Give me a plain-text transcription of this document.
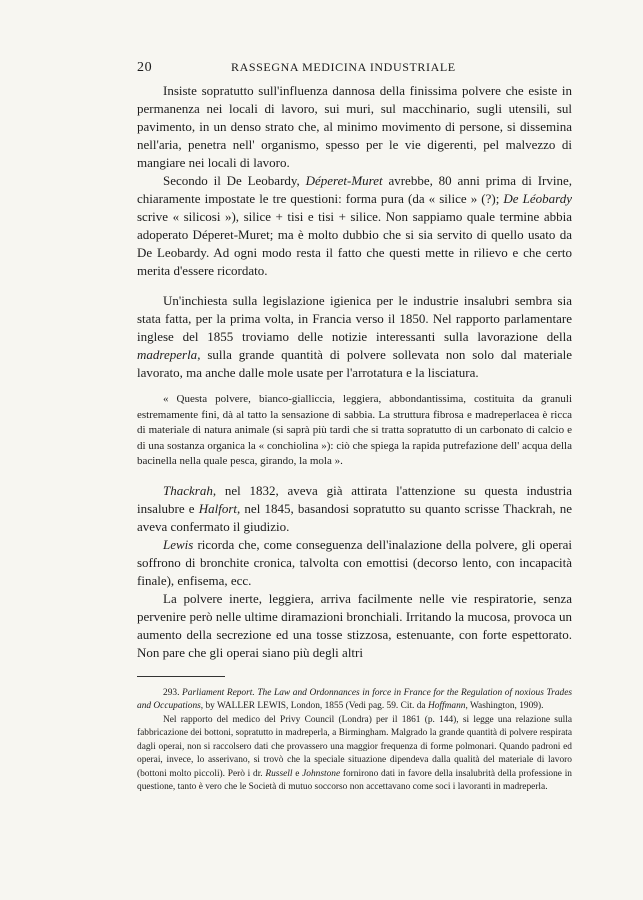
20	RASSEGNA MEDICINA INDUSTRIALE

Insiste sopratutto sull'influenza dannosa della finissima polvere che esiste in permanenza nei locali di lavoro, sui muri, sul macchinario, sugli utensili, sul pavimento, in un denso strato che, al minimo movimento di persone, si dissemina nell'aria, penetra nell' organismo, spesso per le vie digerenti, pel malvezzo di mangiare nei locali di lavoro.

Secondo il De Leobardy, Déperet-Muret avrebbe, 80 anni prima di Irvine, chiaramente impostate le tre questioni: forma pura (da « silice » (?); De Léobardy scrive « silicosi »), silice + tisi e tisi + silice. Non sappiamo quale termine abbia adoperato Déperet-Muret; ma è molto dubbio che si sia servito di quello usato da De Leobardy. Ad ogni modo resta il fatto che questi mette in rilievo e che certo merita d'essere ricordato.

Un'inchiesta sulla legislazione igienica per le industrie insalubri sembra sia stata fatta, per la prima volta, in Francia verso il 1850. Nel rapporto parlamentare inglese del 1855 troviamo delle notizie interessanti sulla lavorazione della madreperla, sulla grande quantità di polvere sollevata non solo dal materiale lavorato, ma anche dalle mole usate per l'arrotatura e la lisciatura.

« Questa polvere, bianco-gialliccia, leggiera, abbondantissima, costituita da granuli estremamente fini, dà al tatto la sensazione di sabbia. La struttura fibrosa e madreperlacea è ricca di materiale di natura animale (si saprà più tardi che si tratta sopratutto di un carbonato di calcio e di una sostanza organica la « conchiolina »): ciò che spiega la rapida putrefazione dell' acqua della bacinella nella quale pesca, girando, la mola ».

Thackrah, nel 1832, aveva già attirata l'attenzione su questa industria insalubre e Halfort, nel 1845, basandosi sopratutto su quanto scrisse Thackrah, ne aveva confermato il giudizio.

Lewis ricorda che, come conseguenza dell'inalazione della polvere, gli operai soffrono di bronchite cronica, talvolta con emottisi (decorso lento, con incapacità finale), enfisema, ecc.

La polvere inerte, leggiera, arriva facilmente nelle vie respiratorie, senza pervenire però nelle ultime diramazioni bronchiali. Irritando la mucosa, provoca un aumento della secrezione ed una tosse stizzosa, estenuante, con forte espettorato. Non pare che gli operai siano più degli altri

293. Parliament Report. The Law and Ordonnances in force in France for the Regulation of noxious Trades and Occupations, by WALLER LEWIS, London, 1855 (Vedi pag. 59. Cit. da Hoffmann, Washington, 1909).

Nel rapporto del medico del Privy Council (Londra) per il 1861 (p. 144), si legge una relazione sulla fabbricazione dei bottoni, sopratutto in madreperla, a Birmingham. Malgrado la grande quantità di polvere respirata dagli operai, non si raccolsero dati che provassero una maggior frequenza di forme polmonari. Quando padroni ed operai, invece, lo asserivano, si trovò che la speciale situazione dipendeva dalla qualità del materiale di lavoro (bottoni molto piccoli). Però i dr. Russell e Johnstone fornirono dati in favore della insalubrità della professione in questione, tanto è vero che le Società di mutuo soccorso non accettavano come soci i lavoranti in madreperla.
